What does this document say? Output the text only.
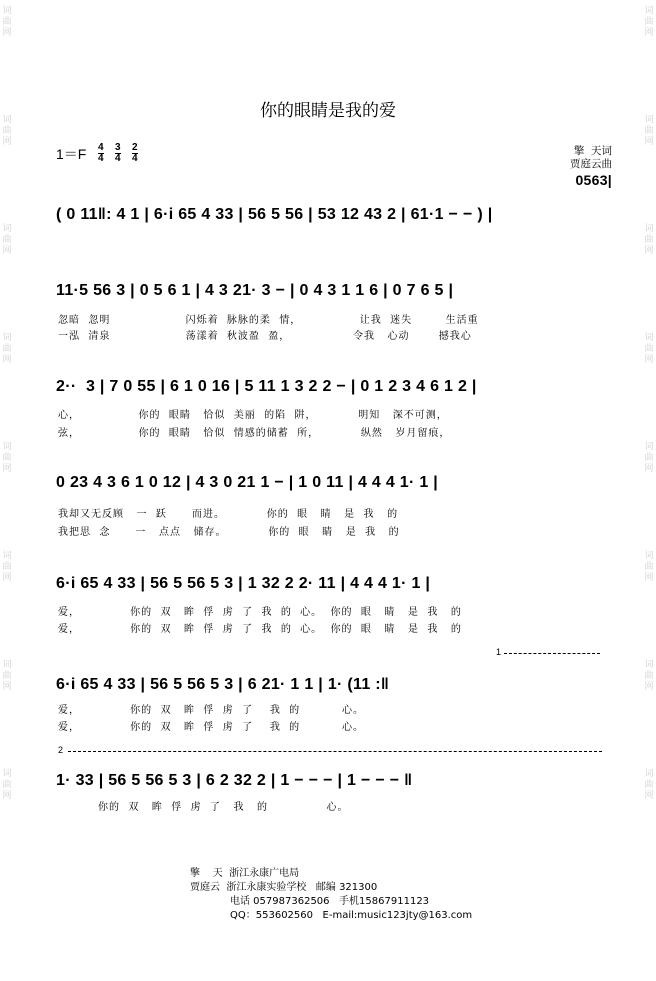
词
曲
网
词
曲
网
词
曲
网
词
曲
网
词
曲
网
词
曲
网
词
曲
网
词
曲
网
词
曲
网
词
曲
网
词
曲
网
词
曲
网
词
曲
网
词
曲
网
词
曲
网
词
曲
网
你的眼睛是我的爱
1＝F 4
4
3
4
2
4
擎  天词
贾庭云曲
0563|
( 0 11‖: 4 1 | 6·i 65 4 33 | 56 5 56 | 53 12 43 2 | 61·1 − − ) |
11·5 56 3 | 0 5 6 1 | 4 3 21· 3 − | 0 4 3 1 1 6 | 0 7 6 5 |
忽暗  忽明                  闪烁着  脉脉的柔  情，              让我  迷失        生活重
一泓  清泉                  荡漾着  秋波盈  盈，               令我   心动       撼我心
2··  3 | 7 0 55 | 6 1 0 16 | 5 11 1 3 2 2 − | 0 1 2 3 4 6 1 2 |
心，              你的  眼睛   恰似  美丽  的陷  阱，          明知   深不可测，
弦，              你的  眼睛   恰似  情感的储蓄  所，          纵然   岁月留痕，
0 23 4 3 6 1 0 12 | 4 3 0 21 1 − | 1 0 11 | 4 4 4 1· 1 |
我却又无反顾   一  跃      而进。          你的  眼   睛   是  我   的
我把思  念      一   点点   储存。          你的  眼   睛   是  我   的
6·i 65 4 33 | 56 5 56 5 3 | 1 32 2 2· 11 | 4 4 4 1· 1 |
爱，            你的  双   眸  俘  虏  了  我  的  心。  你的  眼   睛   是  我   的
爱，            你的  双   眸  俘  虏  了  我  的  心。  你的  眼   睛   是  我   的
1
6·i 65 4 33 | 56 5 56 5 3 | 6 21· 1 1 | 1· (11 :‖
爱，            你的  双   眸  俘  虏  了    我  的          心。
爱，            你的  双   眸  俘  虏  了    我  的          心。
2
1· 33 | 56 5 56 5 3 | 6 2 32 2 | 1 − − − | 1 − − − ‖
你的  双   眸  俘  虏  了   我   的              心。
擎    天  浙江永康广电局
贾庭云  浙江永康实验学校   邮编 321300
电话 057987362506   手机15867911123
QQ：553602560   E-mail:music123jty@163.com
